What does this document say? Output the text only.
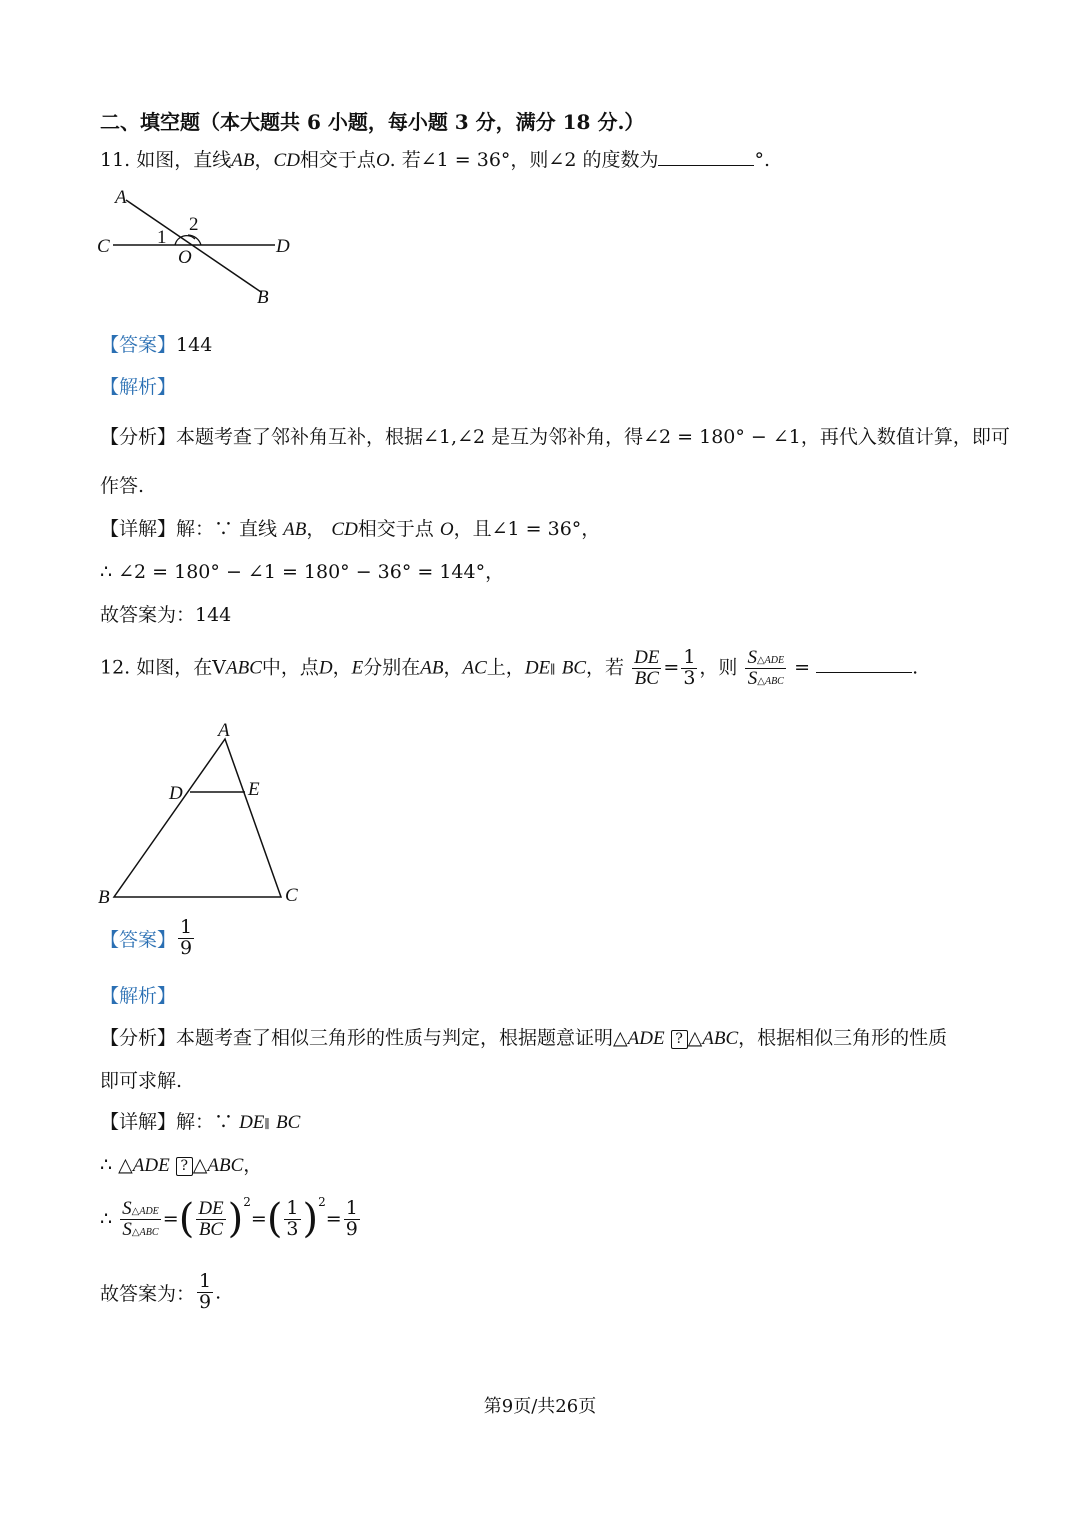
二、填空题（本大题共 6 小题，每小题 3 分，满分 18 分.）
11. 如图，直线AB，CD相交于点O. 若∠1 = 36°，则∠2 的度数为	°.
A
C	D
O
B
1
2
【答案】144
【解析】
【分析】本题考查了邻补角互补，根据∠1,∠2 是互为邻补角，得∠2 = 180° − ∠1，再代入数值计算，即可
作答.
【详解】解：∵ 直线 AB， CD相交于点 O，且∠1 = 36°，
∴ ∠2 = 180° − ∠1 = 180° − 36° = 144°，
故答案为：144
12. 如图，在VABC中，点D，E分别在AB，AC上，DE∥ BC，若 $\frac{DE}{BC} = \frac{1}{3}$ ，则 $\frac{\text{S△ADE}}{\text{S△ABC}}$ =	.
A
D	E
B	C
【答案】 $\frac{1}{9}$
【解析】
【分析】本题考查了相似三角形的性质与判定，根据题意证明△ADE ? △ABC，根据相似三角形的性质
即可求解.
【详解】解：∵ DE∥ BC
∴ △ADE ? △ABC，
∴ $\frac{\text{S△ADE}}{\text{S△ABC}}$ =( $\frac{DE}{BC} )^2=( \frac{1}{3} )^2= \frac{1}{9}$
故答案为： $\frac{1}{9}$ .
第9页/共26页
